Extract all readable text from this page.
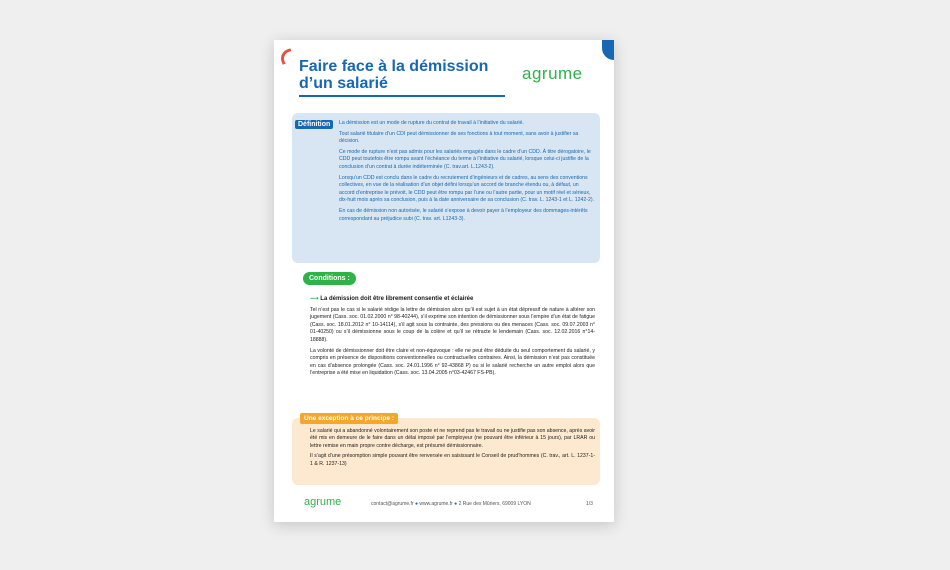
Faire face à la démission d’un salarié
agrume
Définition	La démission est un mode de rupture du contrat de travail à l’initiative du salarié.

Tout salarié titulaire d’un CDI peut démissionner de ses fonctions à tout moment, sans avoir à justifier sa décision.

Ce mode de rupture n’est pas admis pour les salariés engagés dans le cadre d’un CDD. À titre dérogatoire, le CDD peut toutefois être rompu avant l’échéance du terme à l’initiative du salarié, lorsque celui-ci justifie de la conclusion d’un contrat à durée indéterminée (C. trav.art. L.1243-2).

Lorsqu’un CDD est conclu dans le cadre du recrutement d’ingénieurs et de cadres, au sens des conventions collectives, en vue de la réalisation d’un objet défini lorsqu’un accord de branche étendu ou, à défaut, un accord d’entreprise le prévoit, le CDD peut être rompu par l’une ou l’autre partie, pour un motif réel et sérieux, dix-huit mois après sa conclusion, puis à la date anniversaire de sa conclusion (C. trav. L. 1243-1 et L. 1242-2).

En cas de démission non autorisée, le salarié s’expose à devoir payer à l’employeur des dommages-intérêts correspondant au préjudice subi (C. trav. art. L1243-3).

Conditions :
⟶ La démission doit être librement consentie et éclairée

Tel n’est pas le cas si le salarié rédige la lettre de démission alors qu’il est sujet à un état dépressif de nature à altérer son jugement (Cass. soc. 01.02.2000 n° 98-40244), s’il exprime son intention de démissionner sous l’empire d’un état de fatigue (Cass. soc. 18.01.2012 n° 10-14114), s’il agit sous la contrainte, des pressions ou des menaces (Cass. soc. 09.07.2003 n° 01-40250) ou s’il démissionne sous le coup de la colère et qu’il se rétracte le lendemain (Cass. soc. 12.02.2016 n°14-18888).

La volonté de démissionner doit être claire et non-équivoque : elle ne peut être déduite du seul comportement du salarié, y compris en présence de dispositions conventionnelles ou contractuelles contraires. Ainsi, la démission n’est pas constituée en cas d’absence prolongée (Cass. soc. 24.01.1996 n° 92-43868 P) ou si le salarié recherche un autre emploi alors que l’entreprise a été mise en liquidation (Cass. soc. 13.04.2005 n°03-42467 FS-PB).

Une exception à ce principe :

Le salarié qui a abandonné volontairement son poste et ne reprend pas le travail ou ne justifie pas son absence, après avoir été mis en demeure de le faire dans un délai imposé par l’employeur (ne pouvant être inférieur à 15 jours), par LRAR ou lettre remise en main propre contre décharge, est présumé démissionnaire.

Il s’agit d’une présomption simple pouvant être renversée en saisissant le Conseil de prud’hommes (C. trav., art. L. 1237-1-1 & R. 1237-13)

agrume	contact@agrume.fr ● www.agrume.fr ● 2 Rue des Mûriers, 69009 LYON	1/3
